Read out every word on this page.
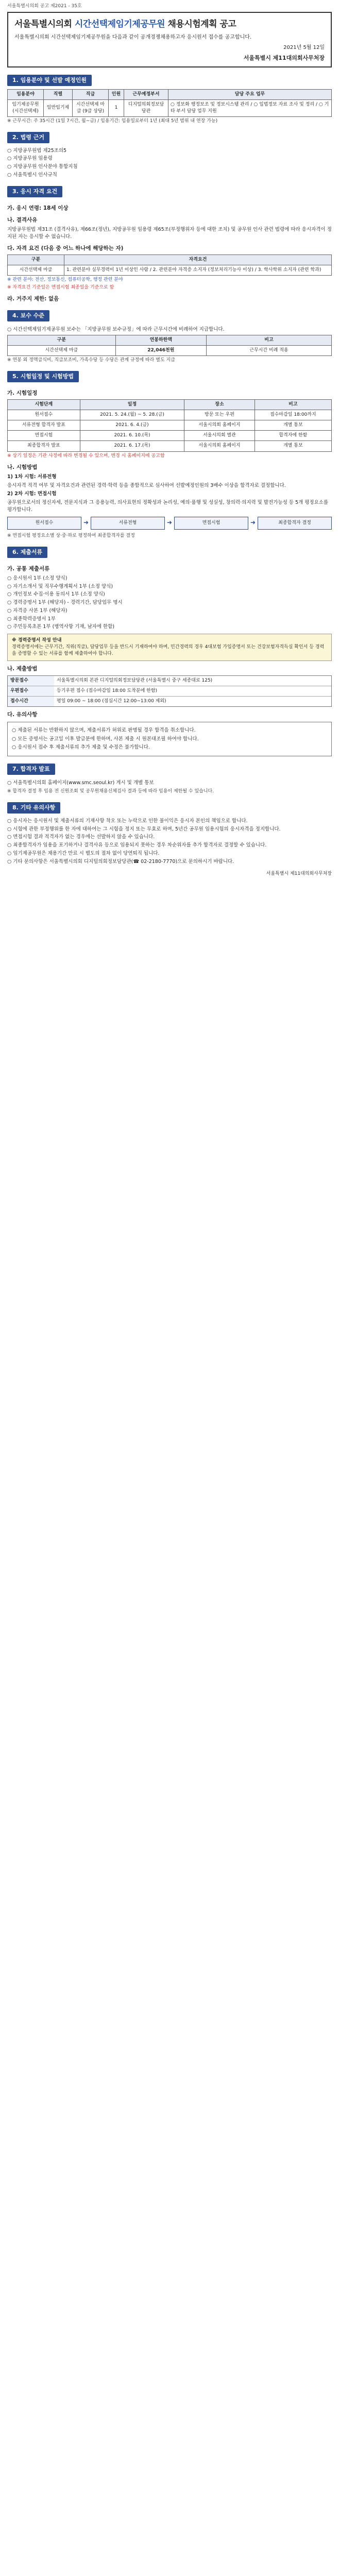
서울특별시의회 공고 제2021 - 35호
서울특별시의회 시간선택제임기제공무원 채용시험계획 공고
서울특별시의회 시간선택제임기제공무원을 다음과 같이 공개경쟁채용하고자 응시원서 접수를 공고합니다.
2021년 5월 12일
서울특별시 제11대의회사무처장
1. 임용분야 및 선발 예정인원
임용분야	직렬	직급	인원	근무예정부서	담당 주요 업무
임기제공무원 (시간선택제)	일반임기제	시간선택제 마급 (9급 상당)	1	디지털의회정보담당관	○ 정보화 행정보조 및 정보시스템 관리 / ○ 입법정보 자료 조사 및 정리 / ○ 기타 부서 담당 업무 지원
※ 근무시간: 주 35시간 (1일 7시간, 월~금) / 임용기간: 임용일로부터 1년 (최대 5년 범위 내 연장 가능)
2. 법령 근거
○ 지방공무원법 제25조의5
○ 지방공무원 임용령
○ 지방공무원 인사분야 통합지침
○ 서울특별시 인사규칙
3. 응시 자격 요건
가. 응시 연령: 18세 이상
나. 결격사유
지방공무원법 제31조 (결격사유), 제66조(정년), 지방공무원 임용령 제65조(부정행위자 등에 대한 조치) 및 공무원 인사 관련 법령에 따라 응시자격이 정지된 자는 응시할 수 없습니다.
다. 자격 요건 (다음 중 어느 하나에 해당하는 자)
구분	자격요건
시간선택제 마급	1. 관련분야 실무경력이 1년 이상인 사람 / 2. 관련분야 자격증 소지자 (정보처리기능사 이상) / 3. 학사학위 소지자 (관련 학과)
※ 관련 분야: 전산, 정보통신, 컴퓨터공학, 행정 관련 분야
※ 자격요건 기준일은 면접시험 최종일을 기준으로 함
라. 거주지 제한: 없음
4. 보수 수준
○ 시간선택제임기제공무원 보수는 「지방공무원 보수규정」에 따라 근무시간에 비례하여 지급합니다.
구분	연봉하한액	비고
시간선택제 마급	22,046천원	근무시간 비례 적용
※ 연봉 외 정액급식비, 직급보조비, 가족수당 등 수당은 관계 규정에 따라 별도 지급
5. 시험일정 및 시험방법
가. 시험일정
시험단계	일정	장소	비고
원서접수	2021. 5. 24.(월) ~ 5. 28.(금)	방문 또는 우편	접수마감일 18:00까지
서류전형 합격자 발표	2021. 6. 4.(금)	서울시의회 홈페이지	개별 통보
면접시험	2021. 6. 10.(목)	서울시의회 별관	합격자에 한함
최종합격자 발표	2021. 6. 17.(목)	서울시의회 홈페이지	개별 통보
※ 상기 일정은 기관 사정에 따라 변경될 수 있으며, 변경 시 홈페이지에 공고함
나. 시험방법
1) 1차 시험: 서류전형
응시자격 적격 여부 및 자격요건과 관련된 경력·학력 등을 종합적으로 심사하여 선발예정인원의 3배수 이상을 합격자로 결정합니다.
2) 2차 시험: 면접시험
공무원으로서의 정신자세, 전문지식과 그 응용능력, 의사표현의 정확성과 논리성, 예의·품행 및 성실성, 창의력·의지력 및 발전가능성 등 5개 평정요소를 평가합니다.
원서접수	➜	서류전형	➜	면접시험	➜	최종합격자 결정
※ 면접시험 평정요소별 상·중·하로 평정하여 최종합격자를 결정
6. 제출서류
가. 공통 제출서류
○ 응시원서 1부 (소정 양식)
○ 자기소개서 및 직무수행계획서 1부 (소정 양식)
○ 개인정보 수집·이용 동의서 1부 (소정 양식)
○ 경력증명서 1부 (해당자) - 경력기간, 담당업무 명시
○ 자격증 사본 1부 (해당자)
○ 최종학력증명서 1부
○ 주민등록초본 1부 (병역사항 기재, 남자에 한함)
※ 경력증명서 작성 안내
경력증명서에는 근무기간, 직위(직급), 담당업무 등을 반드시 기재하여야 하며, 민간경력의 경우 4대보험 가입증명서 또는 건강보험자격득실 확인서 등 경력을 증명할 수 있는 서류를 함께 제출하여야 합니다.
나. 제출방법
방문접수	서울특별시의회 본관 디지털의회정보담당관 (서울특별시 중구 세종대로 125)
우편접수	등기우편 접수 (접수마감일 18:00 도착분에 한함)
접수시간	평일 09:00 ~ 18:00 (점심시간 12:00~13:00 제외)
다. 유의사항
○ 제출된 서류는 반환하지 않으며, 제출서류가 허위로 판명될 경우 합격을 취소합니다.
○ 모든 증명서는 공고일 이후 발급분에 한하며, 사본 제출 시 원본대조필 하여야 합니다.
○ 응시원서 접수 후 제출서류의 추가 제출 및 수정은 불가합니다.
7. 합격자 발표
○ 서울특별시의회 홈페이지(www.smc.seoul.kr) 게시 및 개별 통보
※ 합격자 결정 후 임용 전 신원조회 및 공무원채용신체검사 결과 등에 따라 임용이 제한될 수 있습니다.
8. 기타 유의사항
○ 응시자는 응시원서 및 제출서류의 기재사항 착오 또는 누락으로 인한 불이익은 응시자 본인의 책임으로 합니다.
○ 시험에 관한 부정행위를 한 자에 대하여는 그 시험을 정지 또는 무효로 하며, 5년간 공무원 임용시험의 응시자격을 정지합니다.
○ 면접시험 결과 적격자가 없는 경우에는 선발하지 않을 수 있습니다.
○ 최종합격자가 임용을 포기하거나 결격사유 등으로 임용되지 못하는 경우 차순위자를 추가 합격자로 결정할 수 있습니다.
○ 임기제공무원은 채용기간 만료 시 별도의 절차 없이 당연퇴직 됩니다.
○ 기타 문의사항은 서울특별시의회 디지털의회정보담당관(☎ 02-2180-7770)으로 문의하시기 바랍니다.
서울특별시 제11대의회사무처장
